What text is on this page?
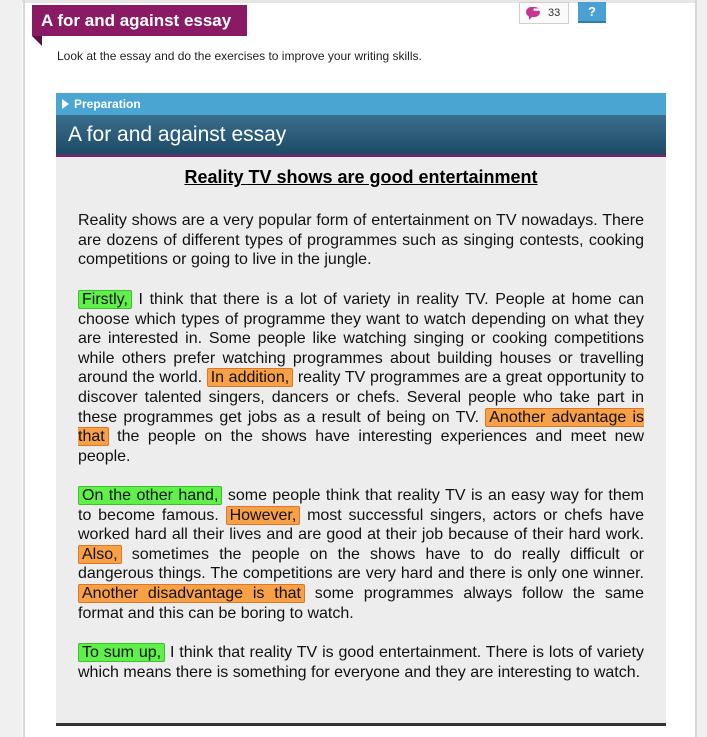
A for and against essay
••• 33	?
Look at the essay and do the exercises to improve your writing skills.
Preparation
A for and against essay
Reality TV shows are good entertainment

Reality shows are a very popular form of entertainment on TV nowadays. There are dozens of different types of programmes such as singing contests, cooking competitions or going to live in the jungle.

Firstly, I think that there is a lot of variety in reality TV. People at home can choose which types of programme they want to watch depending on what they are interested in. Some people like watching singing or cooking competitions while others prefer watching programmes about building houses or travelling around the world. In addition, reality TV programmes are a great opportunity to discover talented singers, dancers or chefs. Several people who take part in these programmes get jobs as a result of being on TV. Another advantage is that the people on the shows have interesting experiences and meet new people.

On the other hand, some people think that reality TV is an easy way for them to become famous. However, most successful singers, actors or chefs have worked hard all their lives and are good at their job because of their hard work. Also, sometimes the people on the shows have to do really difficult or dangerous things. The competitions are very hard and there is only one winner. Another disadvantage is that some programmes always follow the same format and this can be boring to watch.

To sum up, I think that reality TV is good entertainment. There is lots of variety which means there is something for everyone and they are interesting to watch.
